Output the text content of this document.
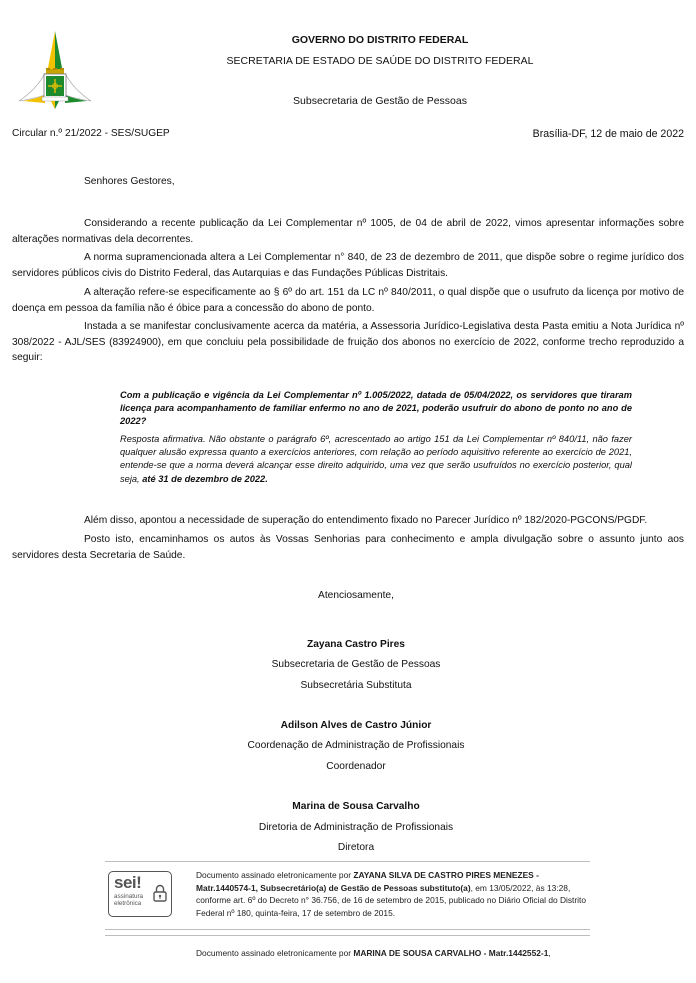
GOVERNO DO DISTRITO FEDERAL
SECRETARIA DE ESTADO DE SAÚDE DO DISTRITO FEDERAL
Subsecretaria de Gestão de Pessoas
Circular n.º 21/2022 - SES/SUGEP	Brasília-DF, 12 de maio de 2022
Senhores Gestores,

Considerando a recente publicação da Lei Complementar nº 1005, de 04 de abril de 2022, vimos apresentar informações sobre alterações normativas dela decorrentes.

A norma supramencionada altera a Lei Complementar n° 840, de 23 de dezembro de 2011, que dispõe sobre o regime jurídico dos servidores públicos civis do Distrito Federal, das Autarquias e das Fundações Públicas Distritais.

A alteração refere-se especificamente ao § 6º do art. 151 da LC nº 840/2011, o qual dispõe que o usufruto da licença por motivo de doença em pessoa da família não é óbice para a concessão do abono de ponto.

Instada a se manifestar conclusivamente acerca da matéria, a Assessoria Jurídico-Legislativa desta Pasta emitiu a Nota Jurídica nº 308/2022 - AJL/SES (83924900), em que concluiu pela possibilidade de fruição dos abonos no exercício de 2022, conforme trecho reproduzido a seguir:

Com a publicação e vigência da Lei Complementar nº 1.005/2022, datada de 05/04/2022, os servidores que tiraram licença para acompanhamento de familiar enfermo no ano de 2021, poderão usufruir do abono de ponto no ano de 2022?

Resposta afirmativa. Não obstante o parágrafo 6º, acrescentado ao artigo 151 da Lei Complementar nº 840/11, não fazer qualquer alusão expressa quanto a exercícios anteriores, com relação ao período aquisitivo referente ao exercício de 2021, entende-se que a norma deverá alcançar esse direito adquirido, uma vez que serão usufruídos no exercício posterior, qual seja, até 31 de dezembro de 2022.

Além disso, apontou a necessidade de superação do entendimento fixado no Parecer Jurídico nº 182/2020-PGCONS/PGDF.

Posto isto, encaminhamos os autos às Vossas Senhorias para conhecimento e ampla divulgação sobre o assunto junto aos servidores desta Secretaria de Saúde.

Atenciosamente,
Zayana Castro Pires
Subsecretaria de Gestão de Pessoas
Subsecretária Substituta
Adilson Alves de Castro Júnior
Coordenação de Administração de Profissionais
Coordenador
Marina de Sousa Carvalho
Diretoria de Administração de Profissionais
Diretora
sei!
assinatura
eletrônica
Documento assinado eletronicamente por ZAYANA SILVA DE CASTRO PIRES MENEZES - Matr.1440574-1, Subsecretário(a) de Gestão de Pessoas substituto(a), em 13/05/2022, às 13:28, conforme art. 6º do Decreto n° 36.756, de 16 de setembro de 2015, publicado no Diário Oficial do Distrito Federal nº 180, quinta-feira, 17 de setembro de 2015.
Documento assinado eletronicamente por MARINA DE SOUSA CARVALHO - Matr.1442552-1,
